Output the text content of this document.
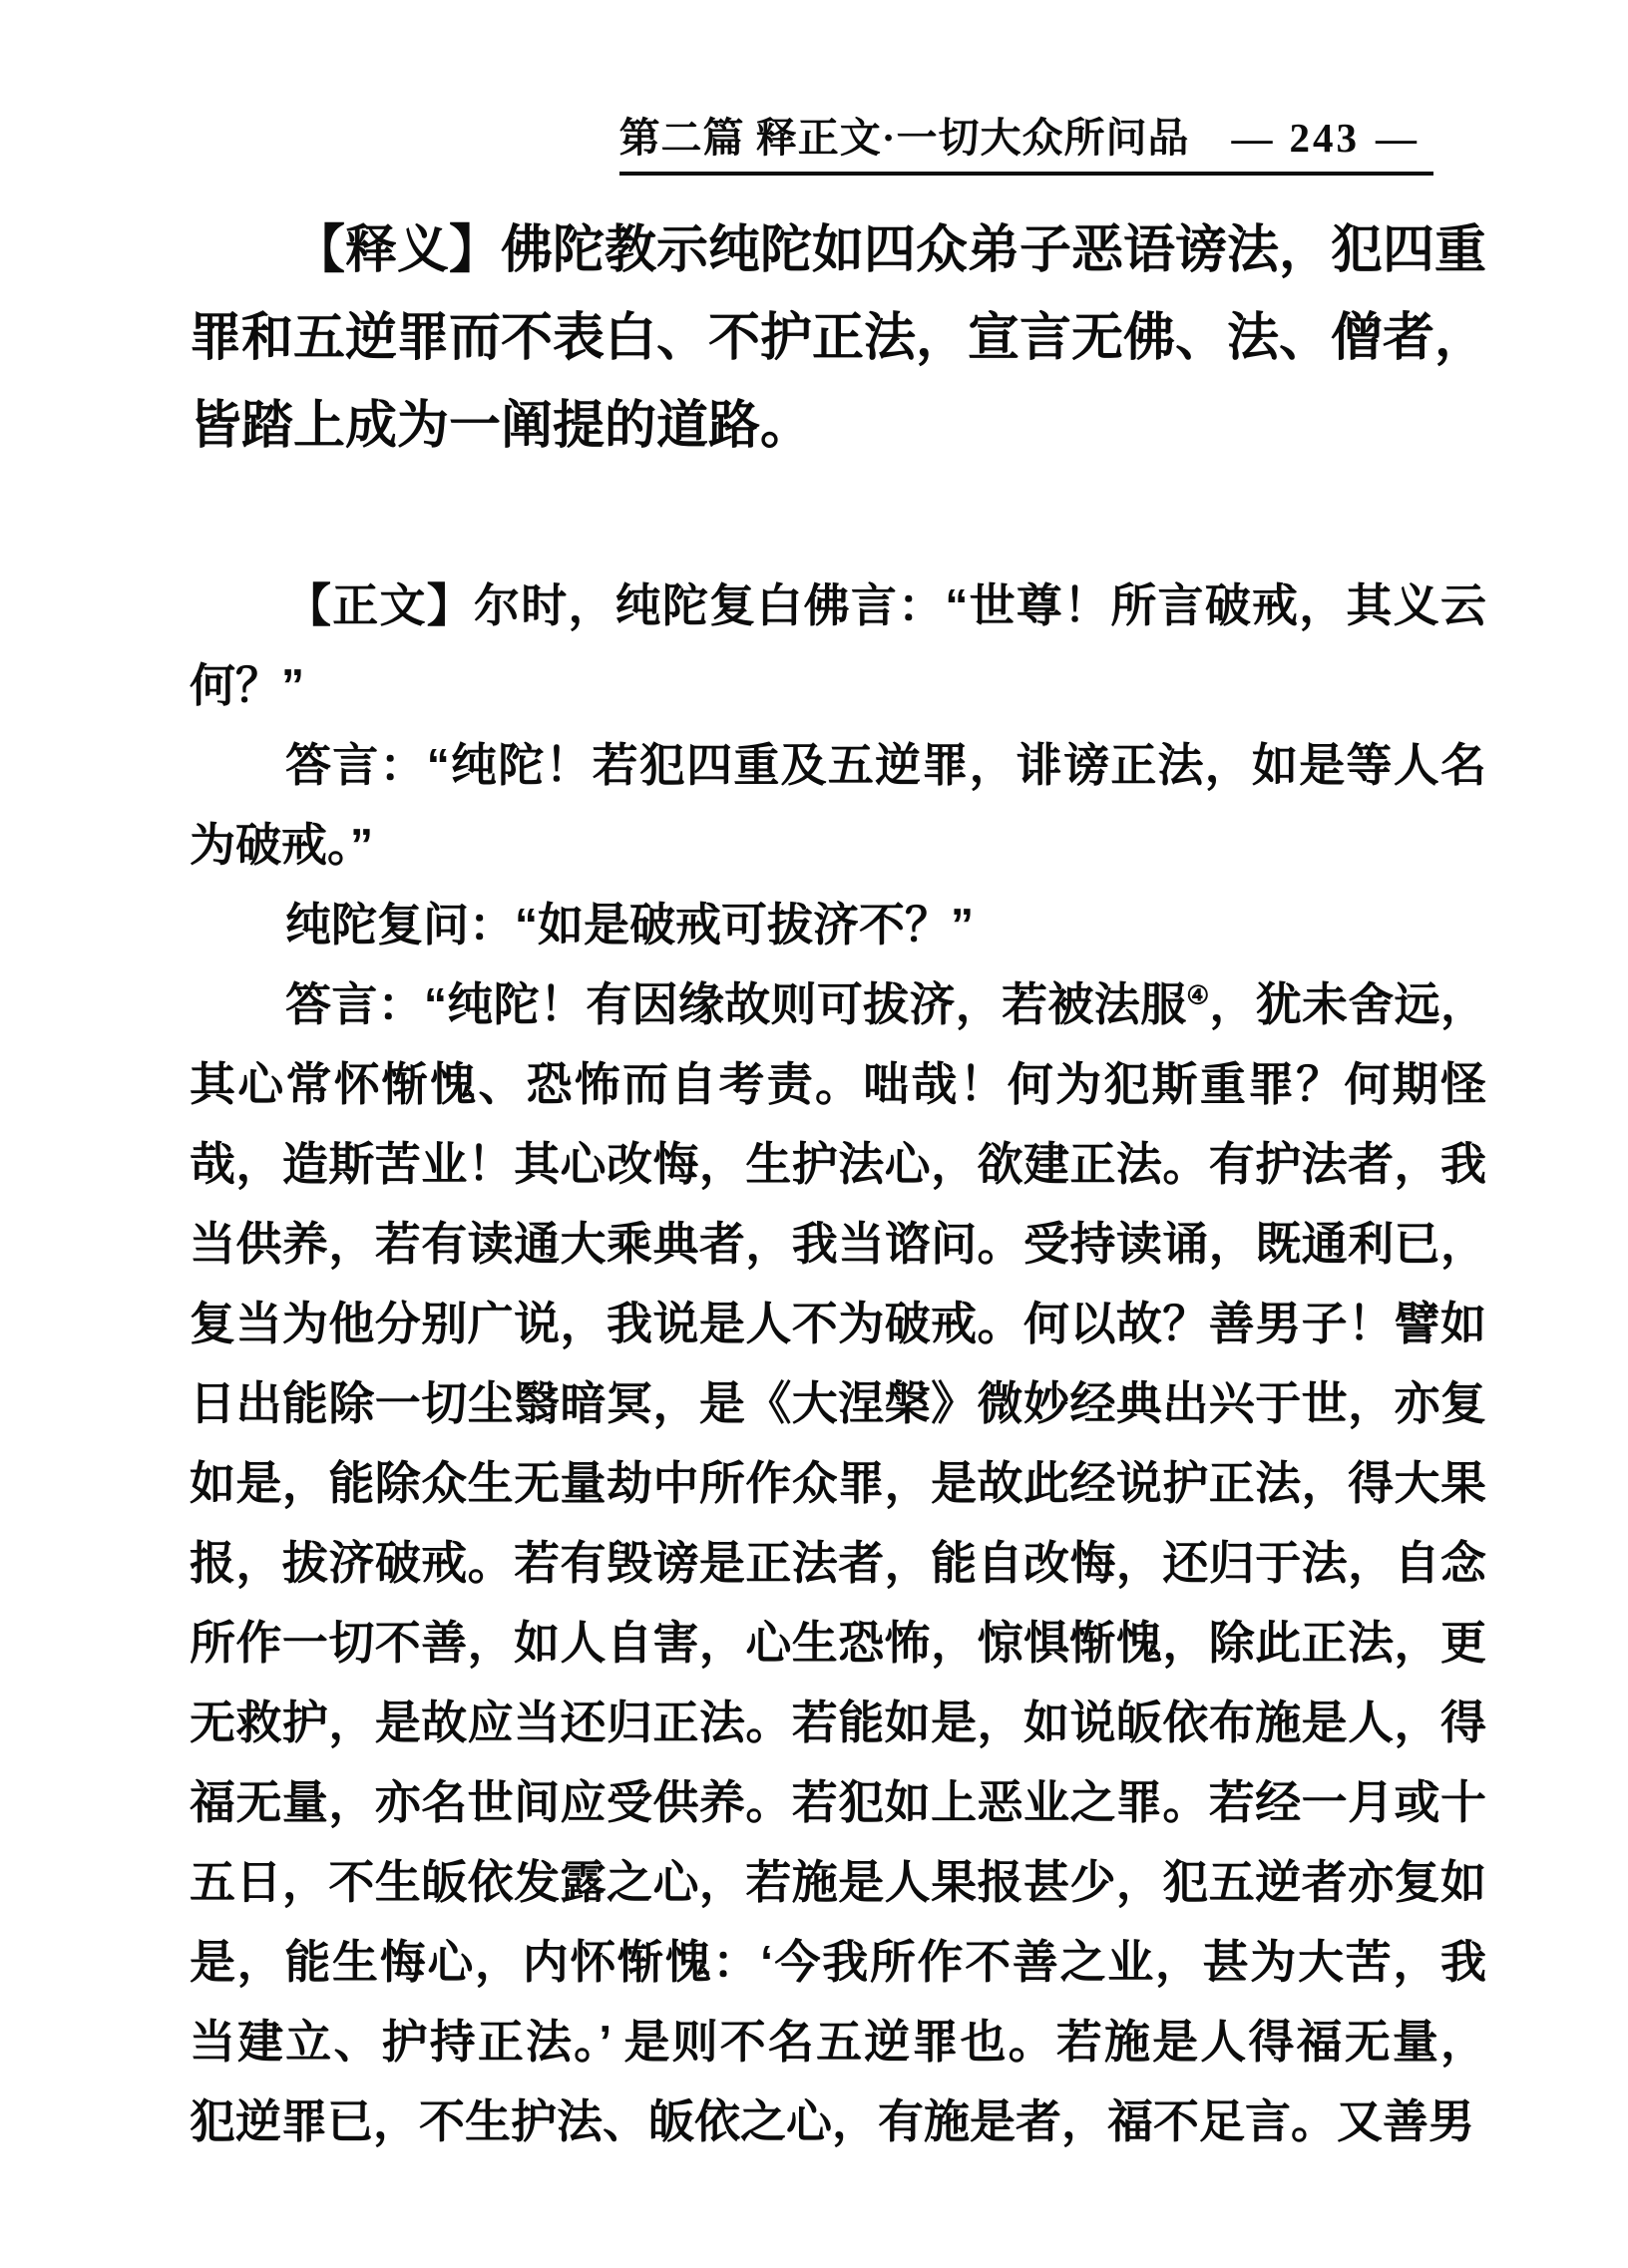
第二篇 释正文·一切大众所问品 — 243 —
【释义】佛陀教示纯陀如四众弟子恶语谤法，犯四重
罪和五逆罪而不表白、不护正法，宣言无佛、法、僧者，
皆踏上成为一阐提的道路。
【正文】尔时，纯陀复白佛言：“世尊！所言破戒，其义云
何？”
答言：“纯陀！若犯四重及五逆罪，诽谤正法，如是等人名
为破戒。”
纯陀复问：“如是破戒可拔济不？”
答言：“纯陀！有因缘故则可拔济，若被法服④，犹未舍远，
其心常怀惭愧、恐怖而自考责。咄哉！何为犯斯重罪？何期怪
哉，造斯苦业！其心改悔，生护法心，欲建正法。有护法者，我
当供养，若有读通大乘典者，我当谘问。受持读诵，既通利已，
复当为他分别广说，我说是人不为破戒。何以故？善男子！譬如
日出能除一切尘翳暗冥，是《大涅槃》微妙经典出兴于世，亦复
如是，能除众生无量劫中所作众罪，是故此经说护正法，得大果
报，拔济破戒。若有毁谤是正法者，能自改悔，还归于法，自念
所作一切不善，如人自害，心生恐怖，惊惧惭愧，除此正法，更
无救护，是故应当还归正法。若能如是，如说皈依布施是人，得
福无量，亦名世间应受供养。若犯如上恶业之罪。若经一月或十
五日，不生皈依发露之心，若施是人果报甚少，犯五逆者亦复如
是，能生悔心，内怀惭愧：‘今我所作不善之业，甚为大苦，我
当建立、护持正法。’ 是则不名五逆罪也。若施是人得福无量，
犯逆罪已，不生护法、皈依之心，有施是者，福不足言。又善男
